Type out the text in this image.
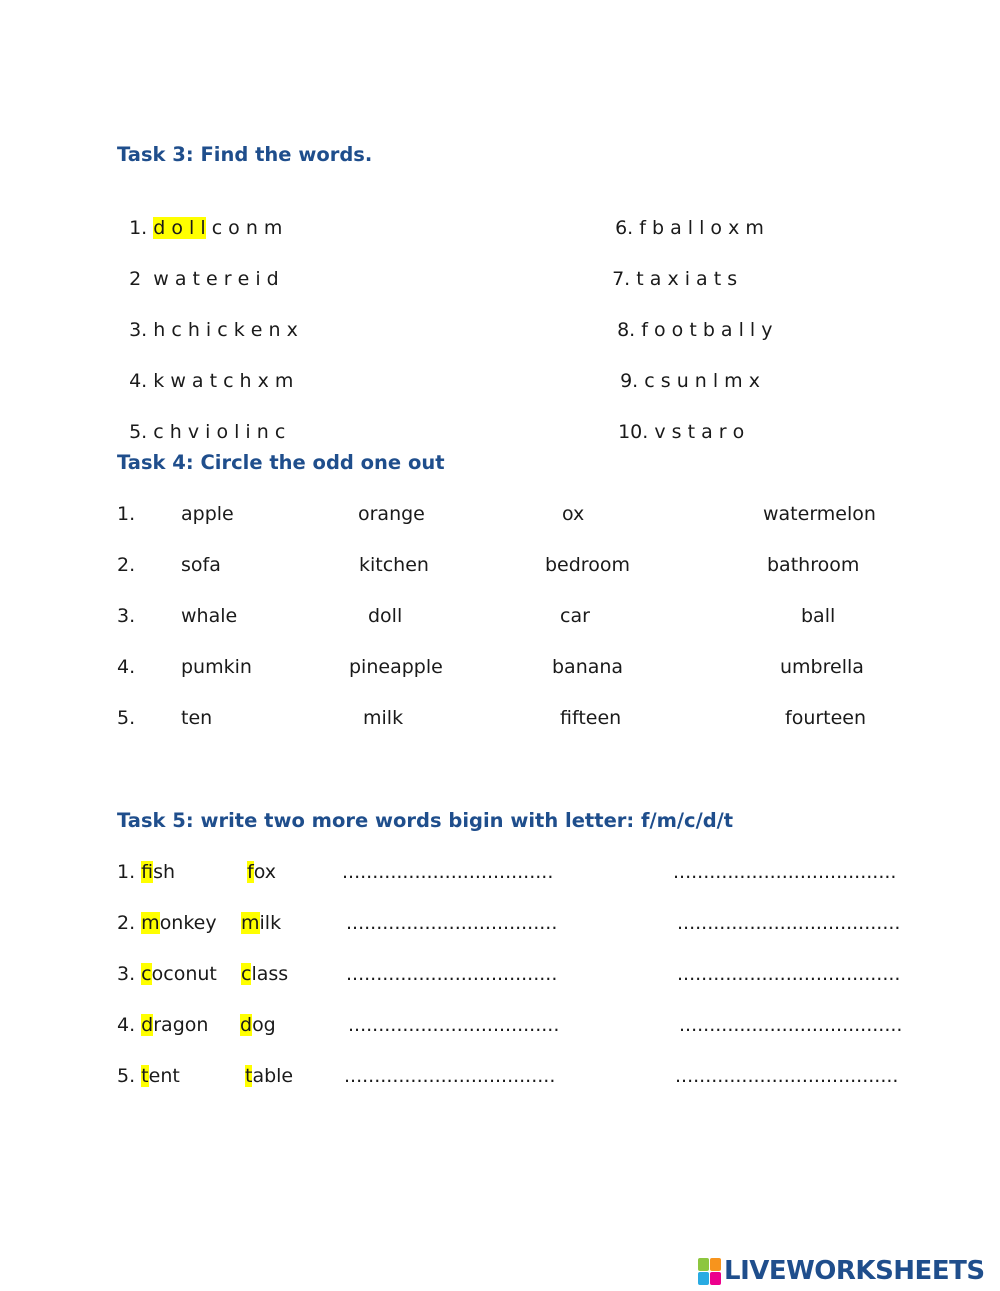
Task 3: Find the words.

1. d o l l c o n m

2 w a t e r e i d

3. h c h i c k e n x

4. k w a t c h x m

5. c h v i o l i n c

6. f b a l l o x m

7. t a x i a t s

8. f o o t b a l l y

9. c s u n l m x

10. v s t a r o

Task 4: Circle the odd one out
1. apple	orange	ox	watermelon
2. sofa	kitchen	bedroom	bathroom
3. whale	doll	car	ball
4. pumkin	pineapple	banana	umbrella
5. ten	milk	fifteen	fourteen
Task 5: write two more words bigin with letter: f/m/c/d/t
1. fish	fox	...................................	.....................................
2. monkey milk	...................................	.....................................
3. coconut class	...................................	.....................................
4. dragon dog	...................................	.....................................
5. tent	table	...................................	.....................................
LIVEWORKSHEETS
